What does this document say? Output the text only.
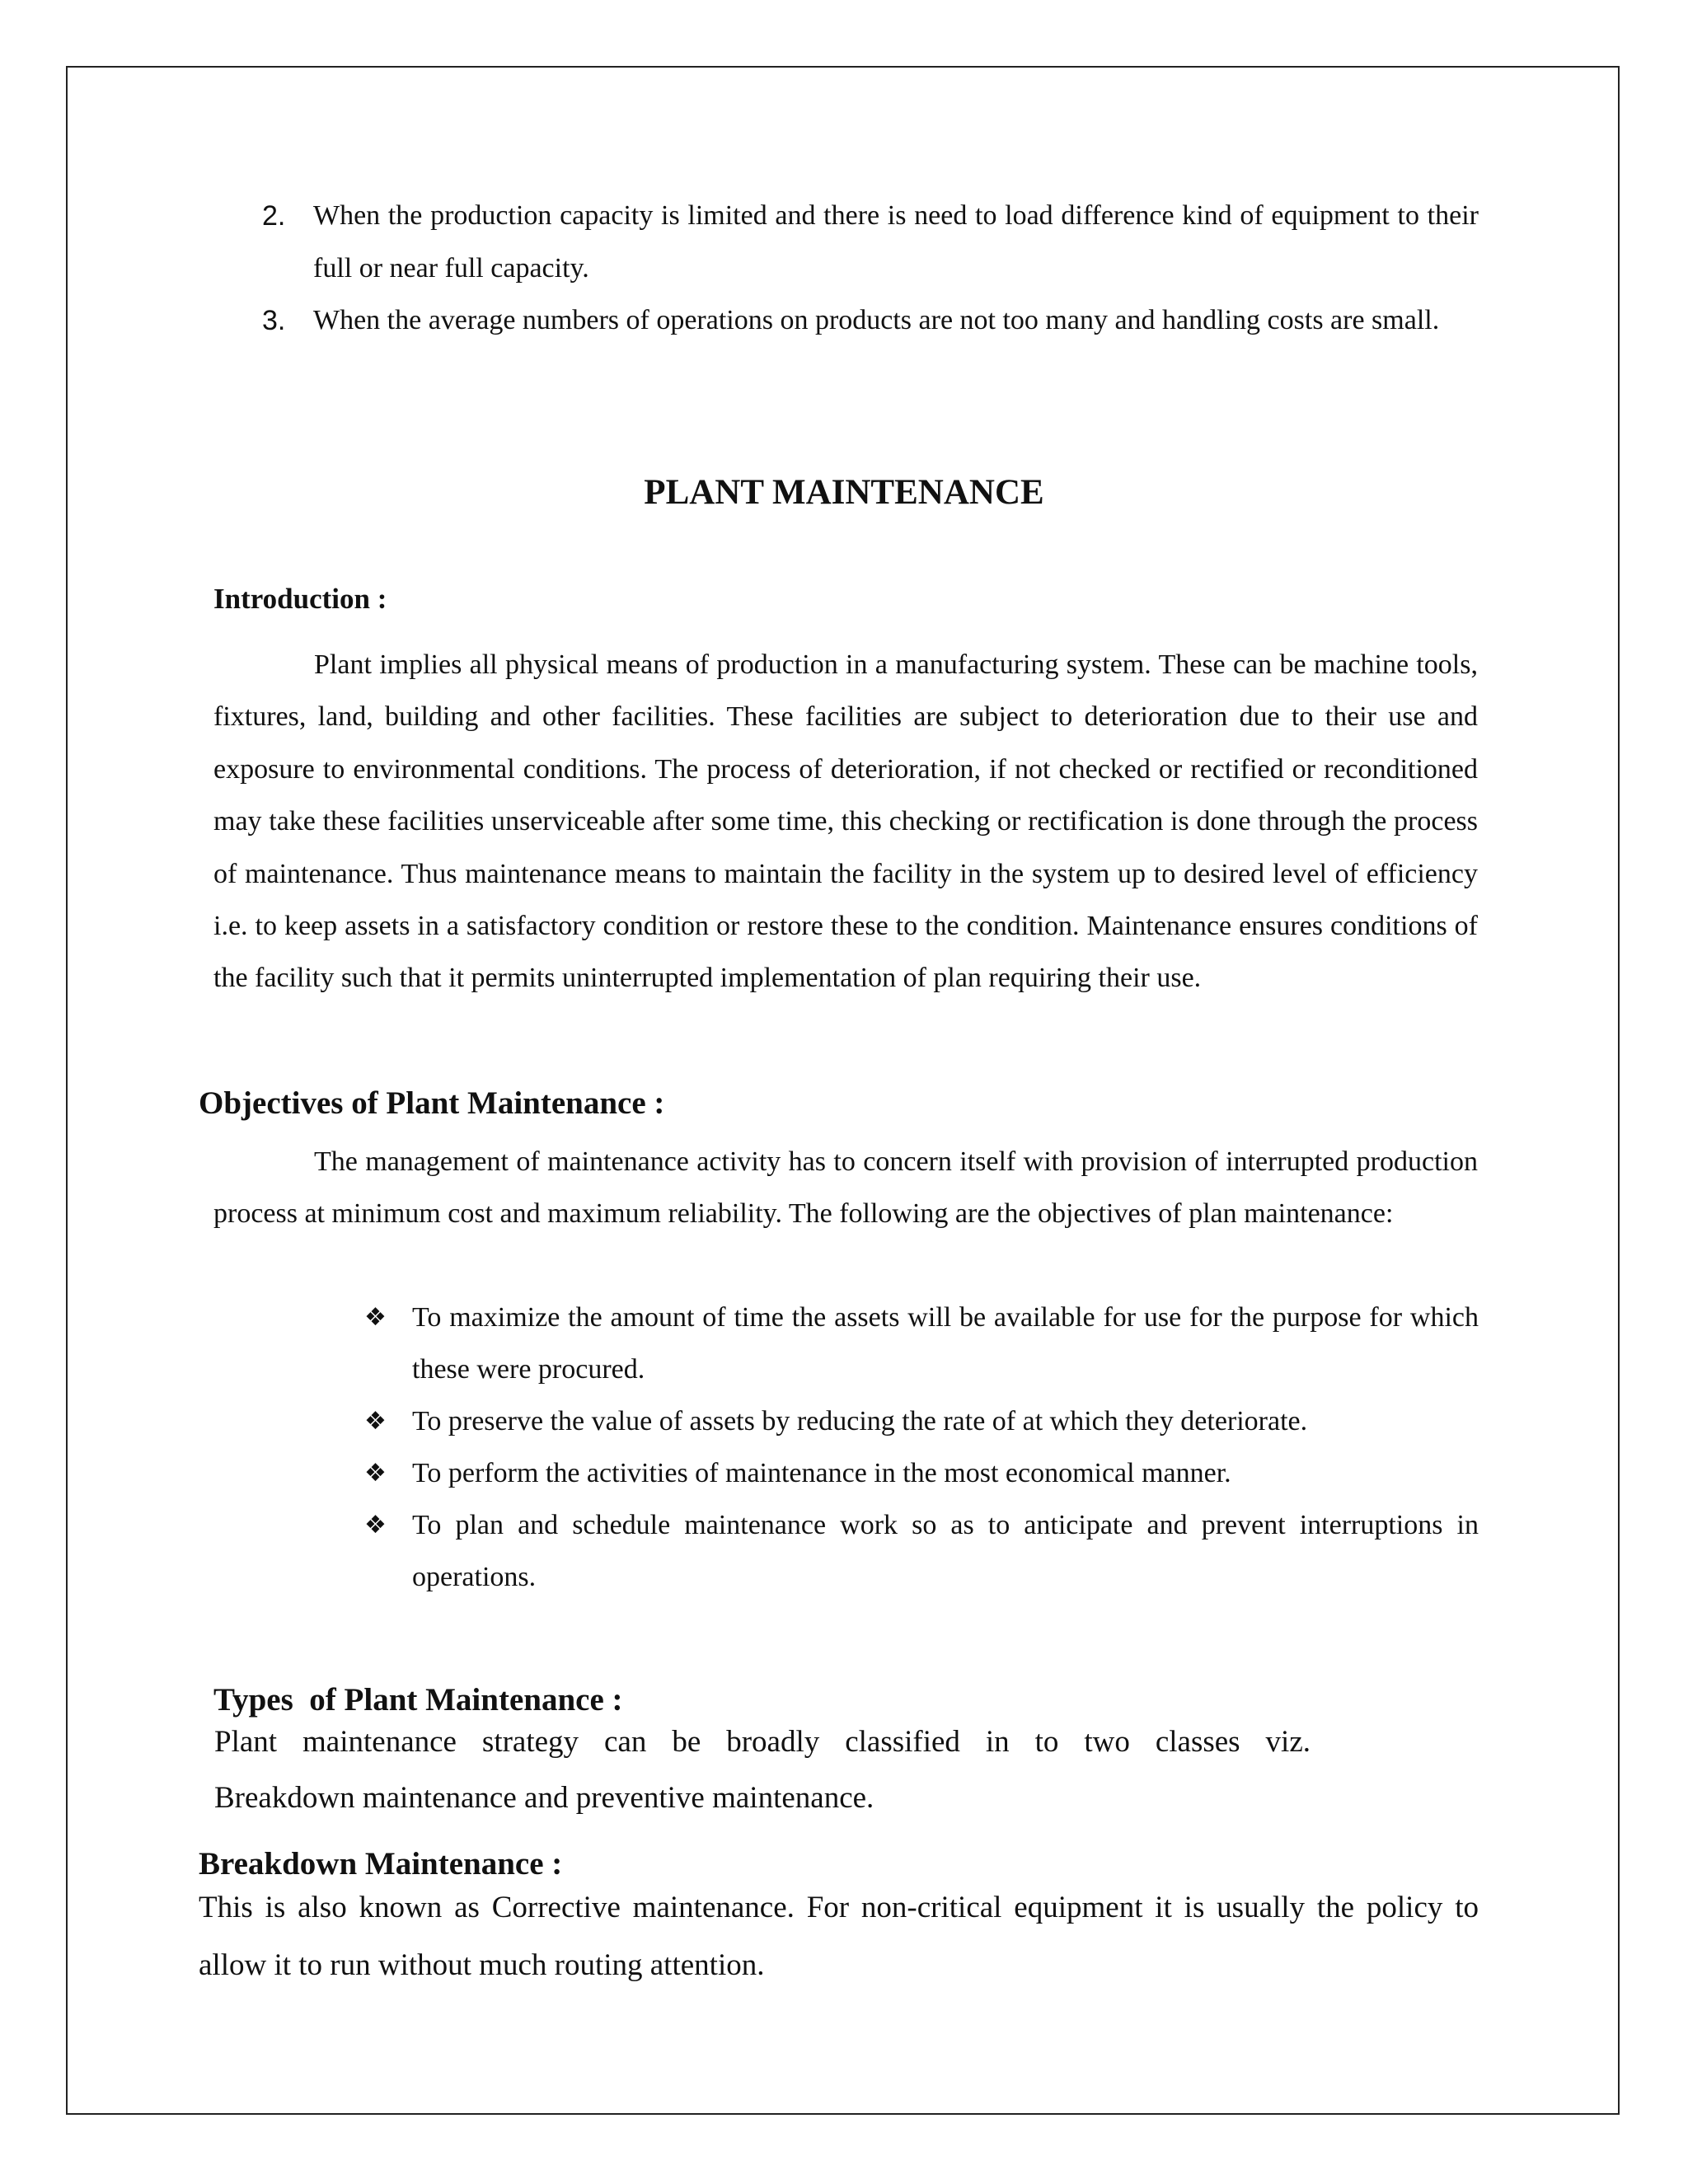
2. When the production capacity is limited and there is need to load difference kind of equipment to their full or near full capacity.
3. When the average numbers of operations on products are not too many and handling costs are small.
PLANT MAINTENANCE
Introduction :
Plant implies all physical means of production in a manufacturing system. These can be machine tools, fixtures, land, building and other facilities. These facilities are subject to deterioration due to their use and exposure to environmental conditions. The process of deterioration, if not checked or rectified or reconditioned may take these facilities unserviceable after some time, this checking or rectification is done through the process of maintenance. Thus maintenance means to maintain the facility in the system up to desired level of efficiency i.e. to keep assets in a satisfactory condition or restore these to the condition. Maintenance ensures conditions of the facility such that it permits uninterrupted implementation of plan requiring their use.
Objectives of Plant Maintenance :
The management of maintenance activity has to concern itself with provision of interrupted production process at minimum cost and maximum reliability. The following are the objectives of plan maintenance:
❖ To maximize the amount of time the assets will be available for use for the purpose for which these were procured.
❖ To preserve the value of assets by reducing the rate of at which they deteriorate.
❖ To perform the activities of maintenance in the most economical manner.
❖ To plan and schedule maintenance work so as to anticipate and prevent interruptions in operations.
Types  of Plant Maintenance :
Plant maintenance strategy can be broadly classified in to two classes viz.
Breakdown maintenance and preventive maintenance.
Breakdown Maintenance :
This is also known as Corrective maintenance. For non-critical equipment it is usually the policy to allow it to run without much routing attention.
